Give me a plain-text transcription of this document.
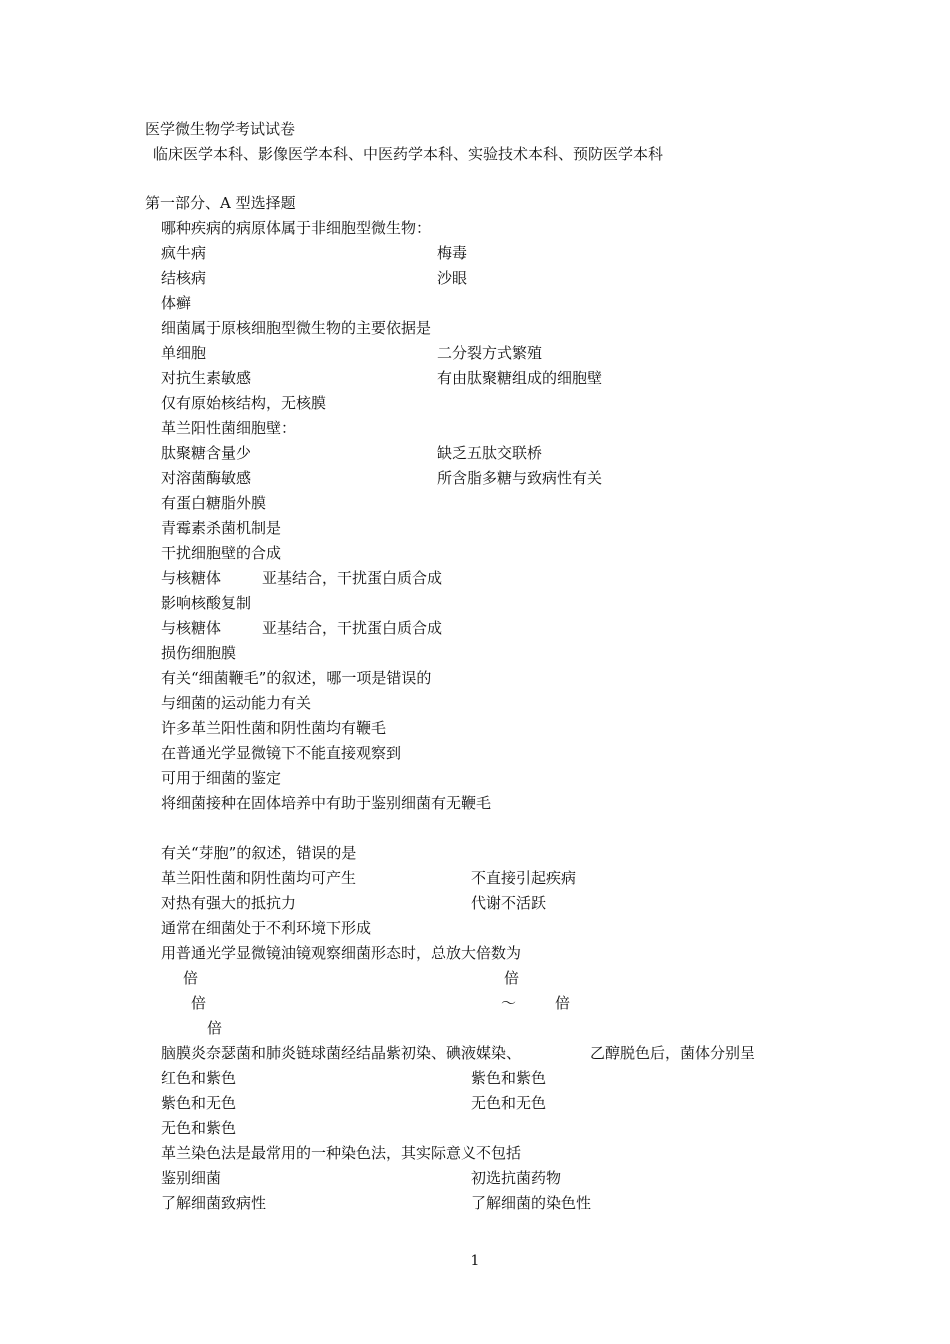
医学微生物学考试试卷
临床医学本科、影像医学本科、中医药学本科、实验技术本科、预防医学本科
第一部分、A 型选择题
哪种疾病的病原体属于非细胞型微生物：
疯牛病	梅毒
结核病	沙眼
体癣
细菌属于原核细胞型微生物的主要依据是
单细胞	二分裂方式繁殖
对抗生素敏感	有由肽聚糖组成的细胞壁
仅有原始核结构，无核膜
革兰阳性菌细胞壁：
肽聚糖含量少	缺乏五肽交联桥
对溶菌酶敏感	所含脂多糖与致病性有关
有蛋白糖脂外膜
青霉素杀菌机制是
干扰细胞壁的合成
与核糖体	亚基结合，干扰蛋白质合成
影响核酸复制
与核糖体	亚基结合，干扰蛋白质合成
损伤细胞膜
有关“细菌鞭毛”的叙述，哪一项是错误的
与细菌的运动能力有关
许多革兰阳性菌和阴性菌均有鞭毛
在普通光学显微镜下不能直接观察到
可用于细菌的鉴定
将细菌接种在固体培养中有助于鉴别细菌有无鞭毛
有关“芽胞”的叙述，错误的是
革兰阳性菌和阴性菌均可产生	不直接引起疾病
对热有强大的抵抗力	代谢不活跃
通常在细菌处于不利环境下形成
用普通光学显微镜油镜观察细菌形态时，总放大倍数为
倍	倍
倍	～	倍
倍
脑膜炎奈瑟菌和肺炎链球菌经结晶紫初染、碘液媒染、	乙醇脱色后，菌体分别呈
红色和紫色	紫色和紫色
紫色和无色	无色和无色
无色和紫色
革兰染色法是最常用的一种染色法，其实际意义不包括
鉴别细菌	初选抗菌药物
了解细菌致病性	了解细菌的染色性
1
